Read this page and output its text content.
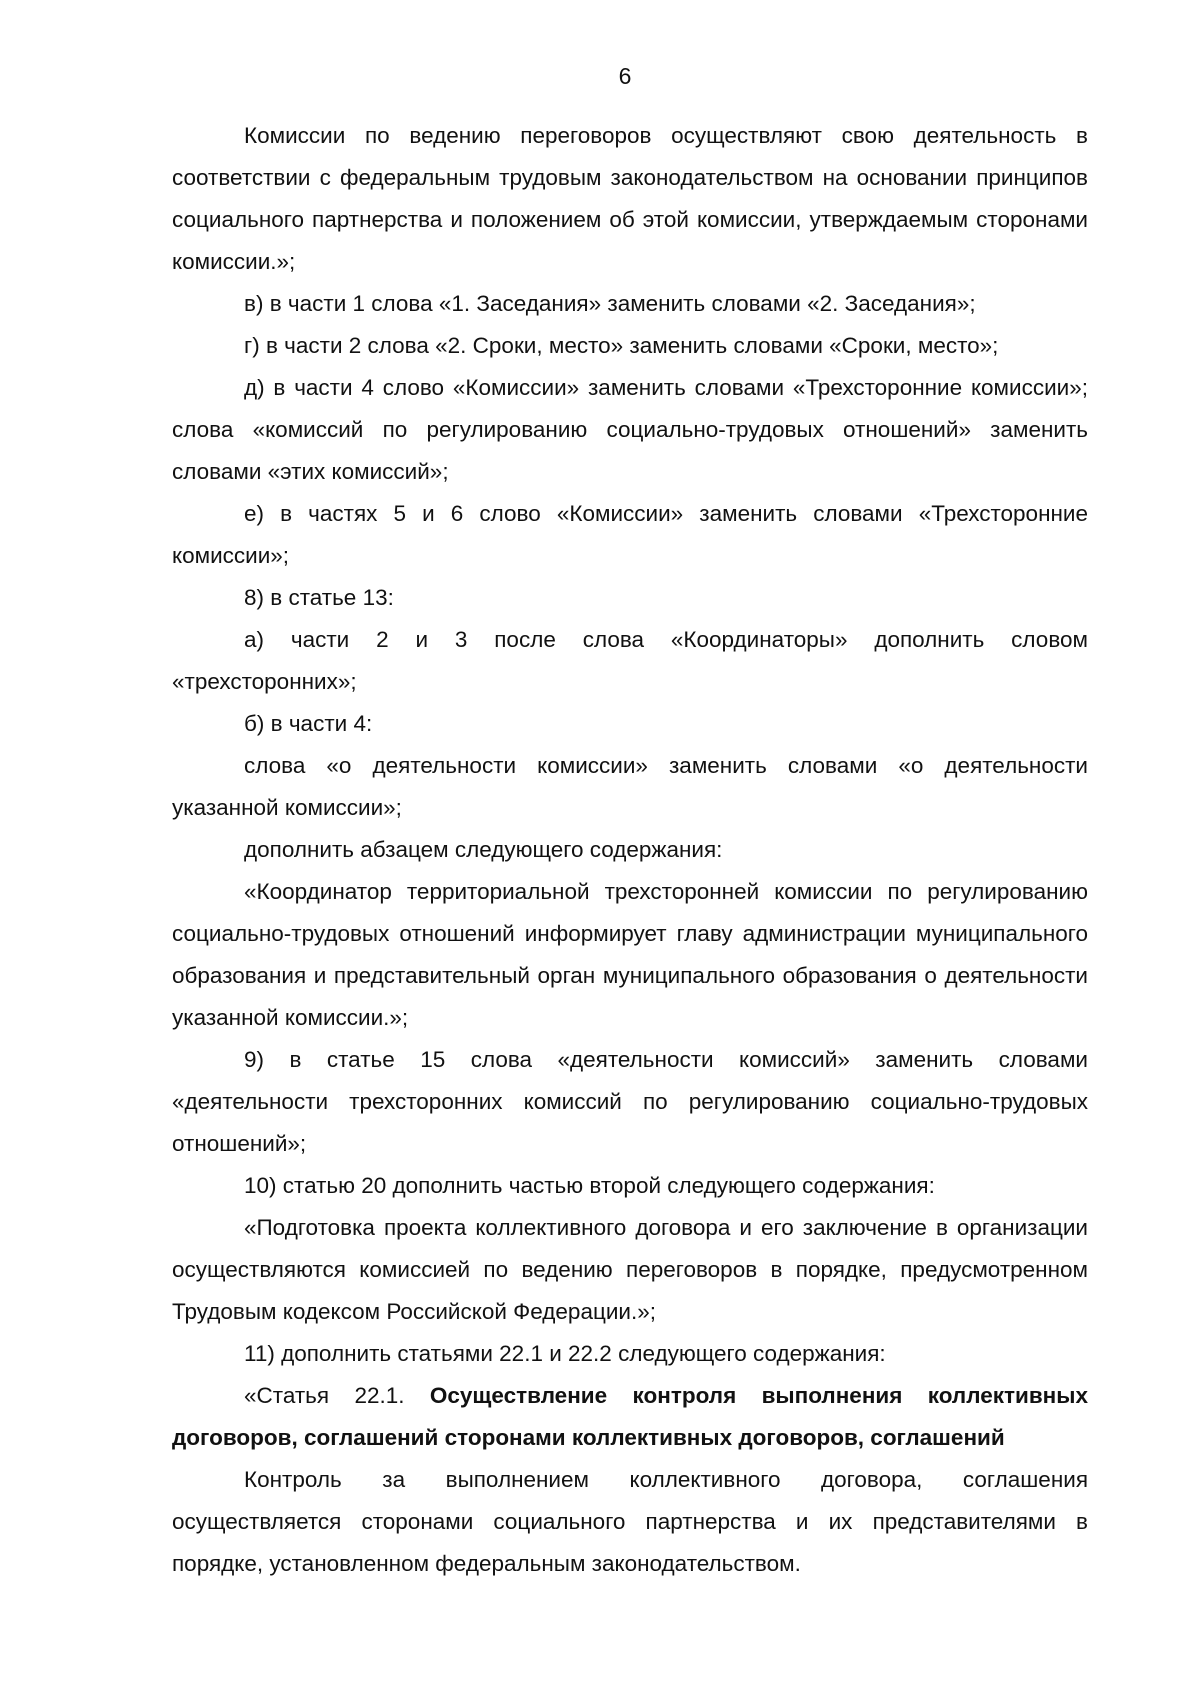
6

Комиссии по ведению переговоров осуществляют свою деятельность в соответствии с федеральным трудовым законодательством на основании принципов социального партнерства и положением об этой комиссии, утверждаемым сторонами комиссии.»;

в) в части 1 слова «1. Заседания» заменить словами «2. Заседания»;

г) в части 2 слова «2. Сроки, место» заменить словами «Сроки, место»;

д) в части 4 слово «Комиссии» заменить словами «Трехсторонние комиссии»; слова «комиссий по регулированию социально-трудовых отношений» заменить словами «этих комиссий»;

е) в частях 5 и 6 слово «Комиссии» заменить словами «Трехсторонние комиссии»;

8) в статье 13:

а) части 2 и 3 после слова «Координаторы» дополнить словом «трехсторонних»;

б) в части 4:

слова «о деятельности комиссии» заменить словами «о деятельности указанной комиссии»;

дополнить абзацем следующего содержания:

«Координатор территориальной трехсторонней комиссии по регулированию социально-трудовых отношений информирует главу администрации муниципального образования и представительный орган муниципального образования о деятельности указанной комиссии.»;

9) в статье 15 слова «деятельности комиссий» заменить словами «деятельности трехсторонних комиссий по регулированию социально-трудовых отношений»;

10) статью 20 дополнить частью второй следующего содержания:

«Подготовка проекта коллективного договора и его заключение в организации осуществляются комиссией по ведению переговоров в порядке, предусмотренном Трудовым кодексом Российской Федерации.»;

11) дополнить статьями 22.1 и 22.2 следующего содержания:

«Статья 22.1. Осуществление контроля выполнения коллективных договоров, соглашений сторонами коллективных договоров, соглашений

Контроль за выполнением коллективного договора, соглашения осуществляется сторонами социального партнерства и их представителями в порядке, установленном федеральным законодательством.
